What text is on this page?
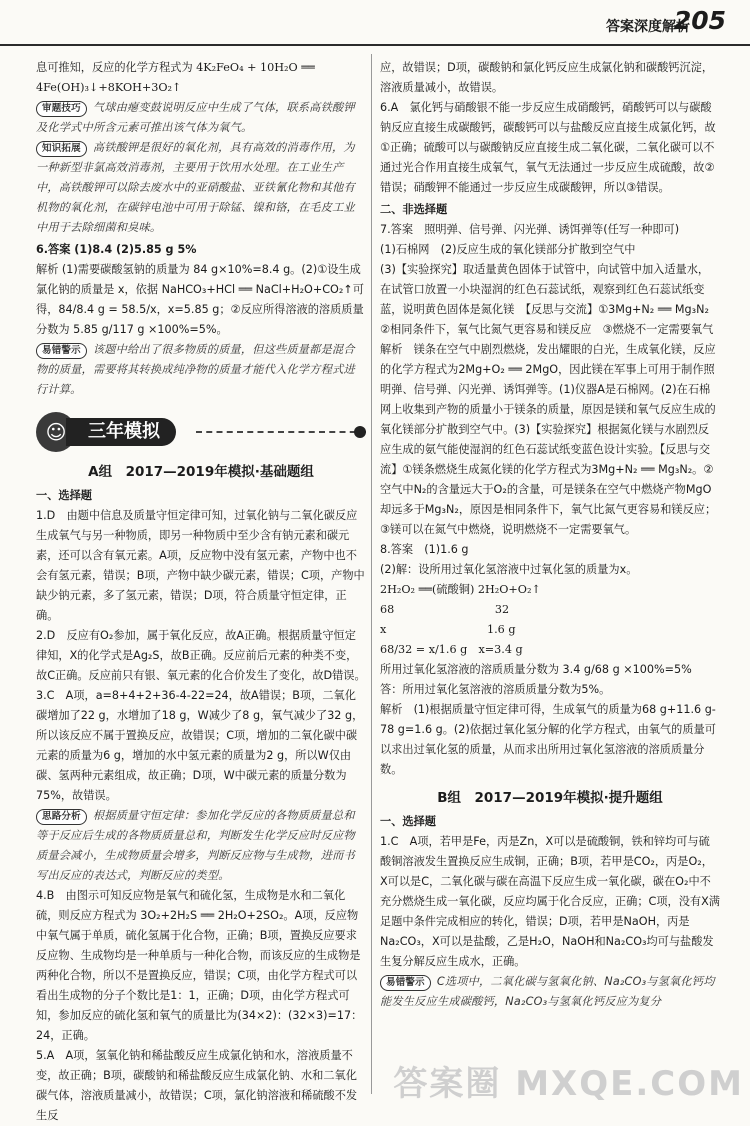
答案深度解析
205

息可推知，反应的化学方程式为 4K₂FeO₄ + 10H₂O ══ 4Fe(OH)₃↓+8KOH+3O₂↑

审题技巧 气球由瘪变鼓说明反应中生成了气体，联系高铁酸钾及化学式中所含元素可推出该气体为氧气。

知识拓展 高铁酸钾是很好的氧化剂，具有高效的消毒作用，为一种新型非氯高效消毒剂，主要用于饮用水处理。在工业生产中，高铁酸钾可以除去废水中的亚硝酸盐、亚铁氰化物和其他有机物的氧化剂，在碳锌电池中可用于除锰、镍和铬，在毛皮工业中用于去除细菌和臭味。

6.答案 (1)8.4 (2)5.85 g 5%

解析 (1)需要碳酸氢钠的质量为 84 g×10%=8.4 g。(2)①设生成氯化钠的质量是 x，依据 NaHCO₃+HCl ══ NaCl+H₂O+CO₂↑可得，84/8.4 g = 58.5/x，x=5.85 g；②反应所得溶液的溶质质量分数为 5.85 g/117 g ×100%=5%。

易错警示 该题中给出了很多物质的质量，但这些质量都是混合物的质量，需要将其转换成纯净物的质量才能代入化学方程式进行计算。

☺	三年模拟

A组　2017—2019年模拟·基础题组

一、选择题

1.D　由题中信息及质量守恒定律可知，过氧化钠与二氧化碳反应生成氧气与另一种物质，即另一种物质中至少含有钠元素和碳元素，还可以含有氧元素。A项，反应物中没有氢元素，产物中也不会有氢元素，错误；B项，产物中缺少碳元素，错误；C项，产物中缺少钠元素，多了氢元素，错误；D项，符合质量守恒定律，正确。

2.D　反应有O₂参加，属于氧化反应，故A正确。根据质量守恒定律知，X的化学式是Ag₂S，故B正确。反应前后元素的种类不变，故C正确。反应前只有银、氧元素的化合价发生了变化，故D错误。

3.C　A项，a=8+4+2+36-4-22=24，故A错误；B项，二氧化碳增加了22 g，水增加了18 g，W减少了8 g，氧气减少了32 g，所以该反应不属于置换反应，故错误；C项，增加的二氧化碳中碳元素的质量为6 g，增加的水中氢元素的质量为2 g，所以W仅由碳、氢两种元素组成，故正确；D项，W中碳元素的质量分数为75%，故错误。

思路分析 根据质量守恒定律：参加化学反应的各物质质量总和等于反应后生成的各物质质量总和，判断发生化学反应时反应物质量会减小，生成物质量会增多，判断反应物与生成物，进而书写出反应的表达式，判断反应的类型。

4.B　由图示可知反应物是氧气和硫化氢，生成物是水和二氧化硫，则反应方程式为 3O₂+2H₂S ══ 2H₂O+2SO₂。A项，反应物中氧气属于单质，硫化氢属于化合物，正确；B项，置换反应要求反应物、生成物均是一种单质与一种化合物，而该反应的生成物是两种化合物，所以不是置换反应，错误；C项，由化学方程式可以看出生成物的分子个数比是1：1，正确；D项，由化学方程式可知，参加反应的硫化氢和氧气的质量比为(34×2)：(32×3)=17：24，正确。

5.A　A项，氢氧化钠和稀盐酸反应生成氯化钠和水，溶液质量不变，故正确；B项，碳酸钠和稀盐酸反应生成氯化钠、水和二氧化碳气体，溶液质量减小，故错误；C项，氯化钠溶液和稀硫酸不发生反

应，故错误；D项，碳酸钠和氯化钙反应生成氯化钠和碳酸钙沉淀，溶液质量减小，故错误。

6.A　氯化钙与硝酸银不能一步反应生成硝酸钙，硝酸钙可以与碳酸钠反应直接生成碳酸钙，碳酸钙可以与盐酸反应直接生成氯化钙，故①正确；硫酸可以与碳酸钠反应直接生成二氧化碳，二氧化碳可以不通过光合作用直接生成氧气，氧气无法通过一步反应生成硫酸，故②错误；硝酸钾不能通过一步反应生成碳酸钾，所以③错误。

二、非选择题

7.答案　照明弹、信号弹、闪光弹、诱饵弹等(任写一种即可)

(1)石棉网　(2)反应生成的氧化镁部分扩散到空气中

(3)【实验探究】取适量黄色固体于试管中，向试管中加入适量水，在试管口放置一小块湿润的红色石蕊试纸，观察到红色石蕊试纸变蓝，说明黄色固体是氮化镁　【反思与交流】①3Mg+N₂ ══ Mg₃N₂　②相同条件下，氧气比氮气更容易和镁反应　③燃烧不一定需要氧气

解析　镁条在空气中剧烈燃烧，发出耀眼的白光，生成氧化镁，反应的化学方程式为2Mg+O₂ ══ 2MgO，因此镁在军事上可用于制作照明弹、信号弹、闪光弹、诱饵弹等。(1)仪器A是石棉网。(2)在石棉网上收集到产物的质量小于镁条的质量，原因是镁和氧气反应生成的氧化镁部分扩散到空气中。(3)【实验探究】根据氮化镁与水剧烈反应生成的氨气能使湿润的红色石蕊试纸变蓝色设计实验。【反思与交流】①镁条燃烧生成氮化镁的化学方程式为3Mg+N₂ ══ Mg₃N₂。②空气中N₂的含量远大于O₂的含量，可是镁条在空气中燃烧产物MgO却远多于Mg₃N₂，原因是相同条件下，氧气比氮气更容易和镁反应；③镁可以在氮气中燃烧，说明燃烧不一定需要氧气。

8.答案　(1)1.6 g

(2)解：设所用过氧化氢溶液中过氧化氢的质量为x。

2H₂O₂ ══(硫酸铜) 2H₂O+O₂↑

68　　　　　　　　　32

x　　　　　　　　　1.6 g

68/32 = x/1.6 g　x=3.4 g

所用过氧化氢溶液的溶质质量分数为 3.4 g/68 g ×100%=5%

答：所用过氧化氢溶液的溶质质量分数为5%。

解析　(1)根据质量守恒定律可得，生成氧气的质量为68 g+11.6 g-78 g=1.6 g。(2)依据过氧化氢分解的化学方程式，由氧气的质量可以求出过氧化氢的质量，从而求出所用过氧化氢溶液的溶质质量分数。

B组　2017—2019年模拟·提升题组

一、选择题

1.C　A项，若甲是Fe，丙是Zn，X可以是硫酸铜，铁和锌均可与硫酸铜溶液发生置换反应生成铜，正确；B项，若甲是CO₂，丙是O₂，X可以是C，二氧化碳与碳在高温下反应生成一氧化碳，碳在O₂中不充分燃烧生成一氧化碳，反应均属于化合反应，正确；C项，没有X满足题中条件完成相应的转化，错误；D项，若甲是NaOH，丙是Na₂CO₃，X可以是盐酸，乙是H₂O，NaOH和Na₂CO₃均可与盐酸发生复分解反应生成水，正确。

易错警示 C选项中，二氧化碳与氢氧化钠、Na₂CO₃与氢氧化钙均能发生反应生成碳酸钙，Na₂CO₃与氢氧化钙反应为复分

答案圈 MXQE.COM
